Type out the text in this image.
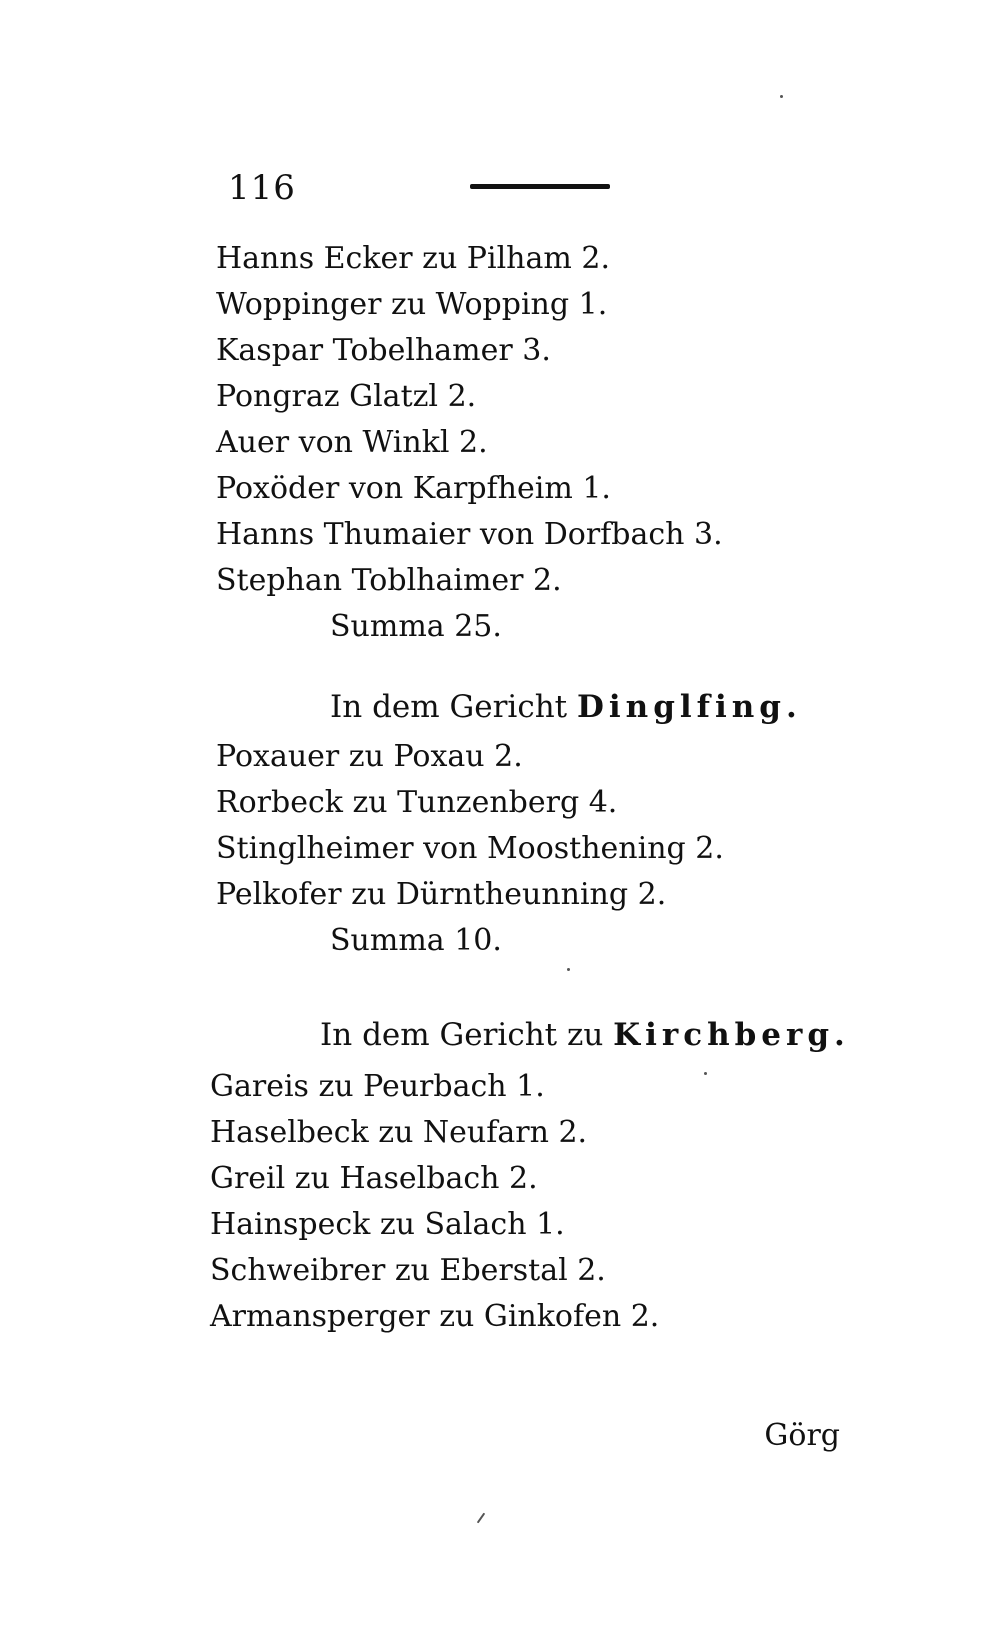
116
Hanns Ecker zu Pilham 2.
Woppinger zu Wopping 1.
Kaspar Tobelhamer 3.
Pongraz Glatzl 2.
Auer von Winkl 2.
Poxöder von Karpfheim 1.
Hanns Thumaier von Dorfbach 3.
Stephan Toblhaimer 2.
Summa 25.
In dem Gericht Dinglfing.
Poxauer zu Poxau 2.
Rorbeck zu Tunzenberg 4.
Stinglheimer von Moosthening 2.
Pelkofer zu Dürntheunning 2.
Summa 10.
In dem Gericht zu Kirchberg.
Gareis zu Peurbach 1.
Haselbeck zu Neufarn 2.
Greil zu Haselbach 2.
Hainspeck zu Salach 1.
Schweibrer zu Eberstal 2.
Armansperger zu Ginkofen 2.
Görg
